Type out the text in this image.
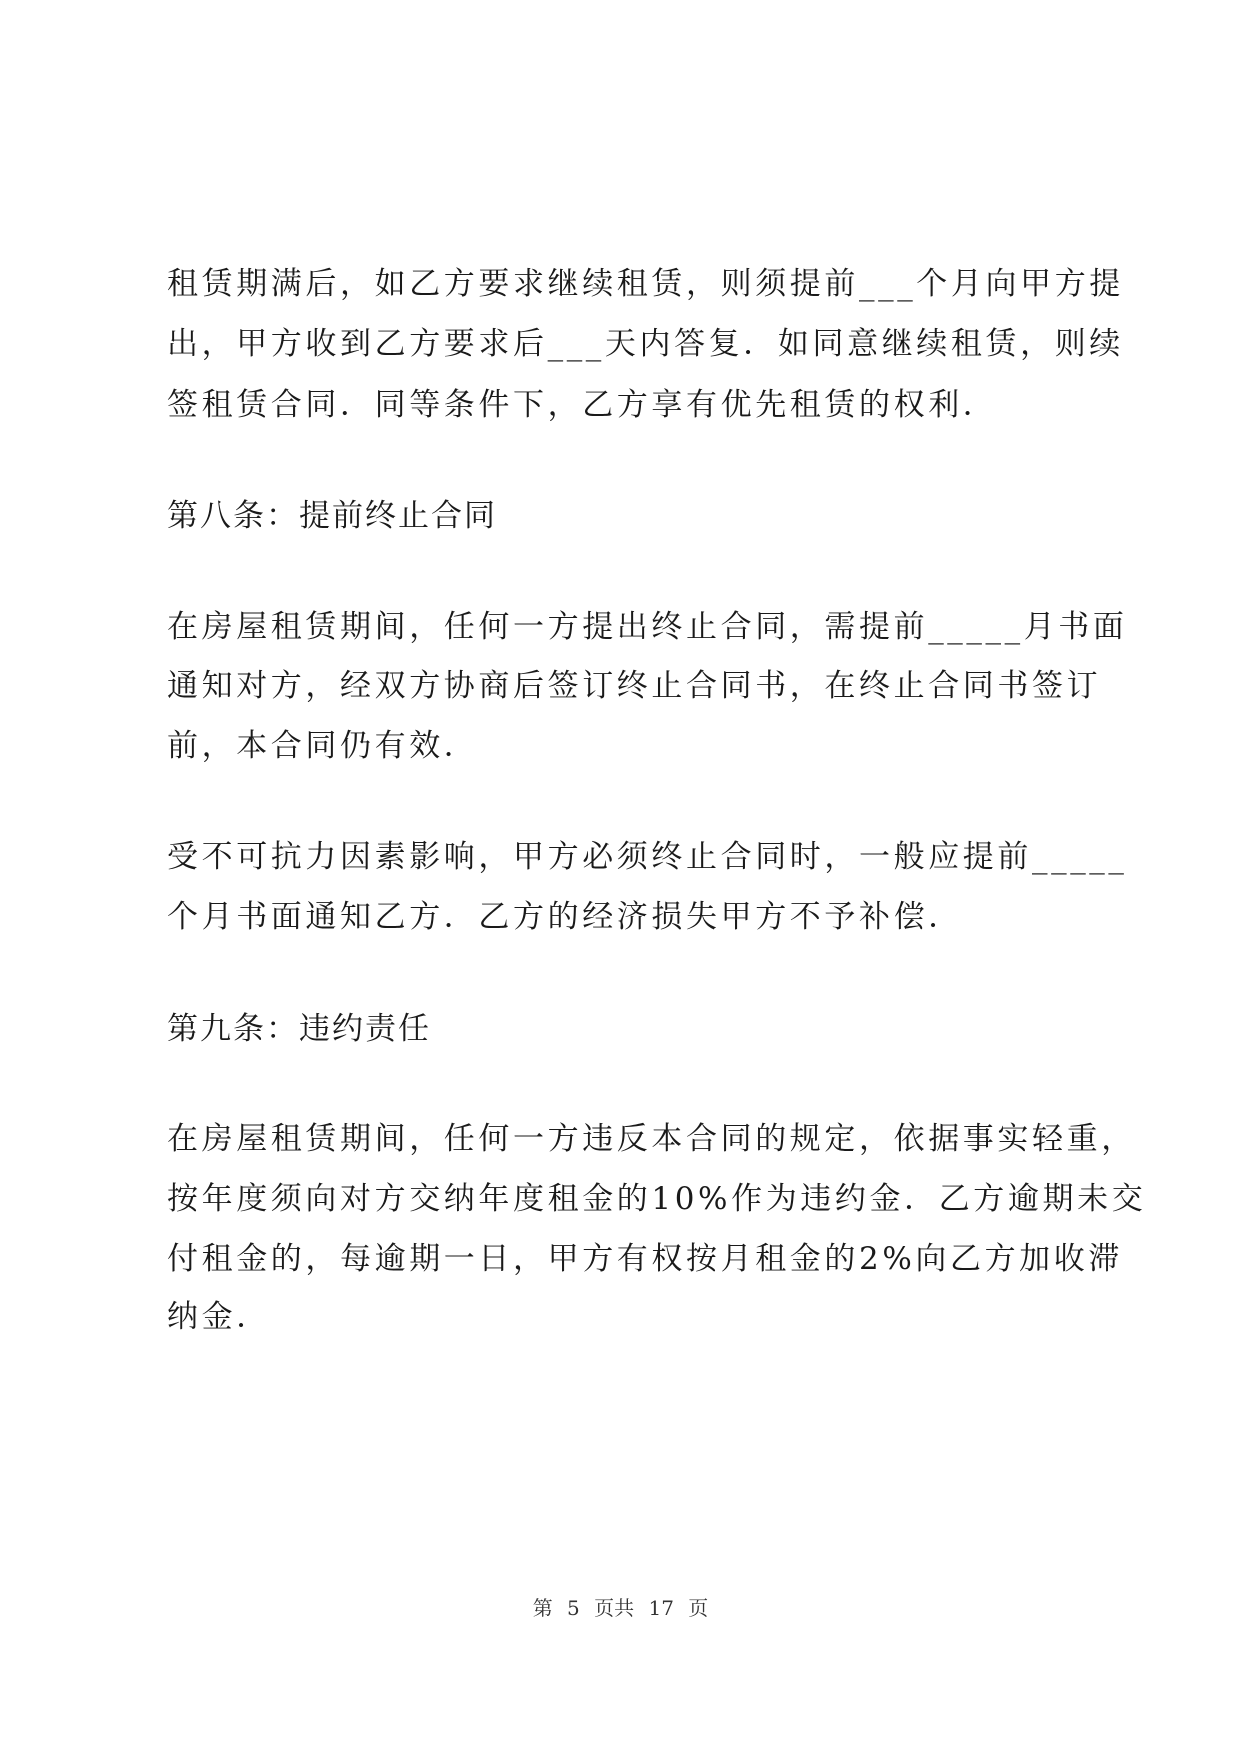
租赁期满后，如乙方要求继续租赁，则须提前___个月向甲方提
出，甲方收到乙方要求后___天内答复．如同意继续租赁，则续
签租赁合同．同等条件下，乙方享有优先租赁的权利．
第八条：提前终止合同
在房屋租赁期间，任何一方提出终止合同，需提前_____月书面
通知对方，经双方协商后签订终止合同书，在终止合同书签订
前，本合同仍有效．
受不可抗力因素影响，甲方必须终止合同时，一般应提前_____
个月书面通知乙方．乙方的经济损失甲方不予补偿．
第九条：违约责任
在房屋租赁期间，任何一方违反本合同的规定，依据事实轻重，
按年度须向对方交纳年度租金的10%作为违约金．乙方逾期未交
付租金的，每逾期一日，甲方有权按月租金的2%向乙方加收滞
纳金．
第 5 页共 17 页
